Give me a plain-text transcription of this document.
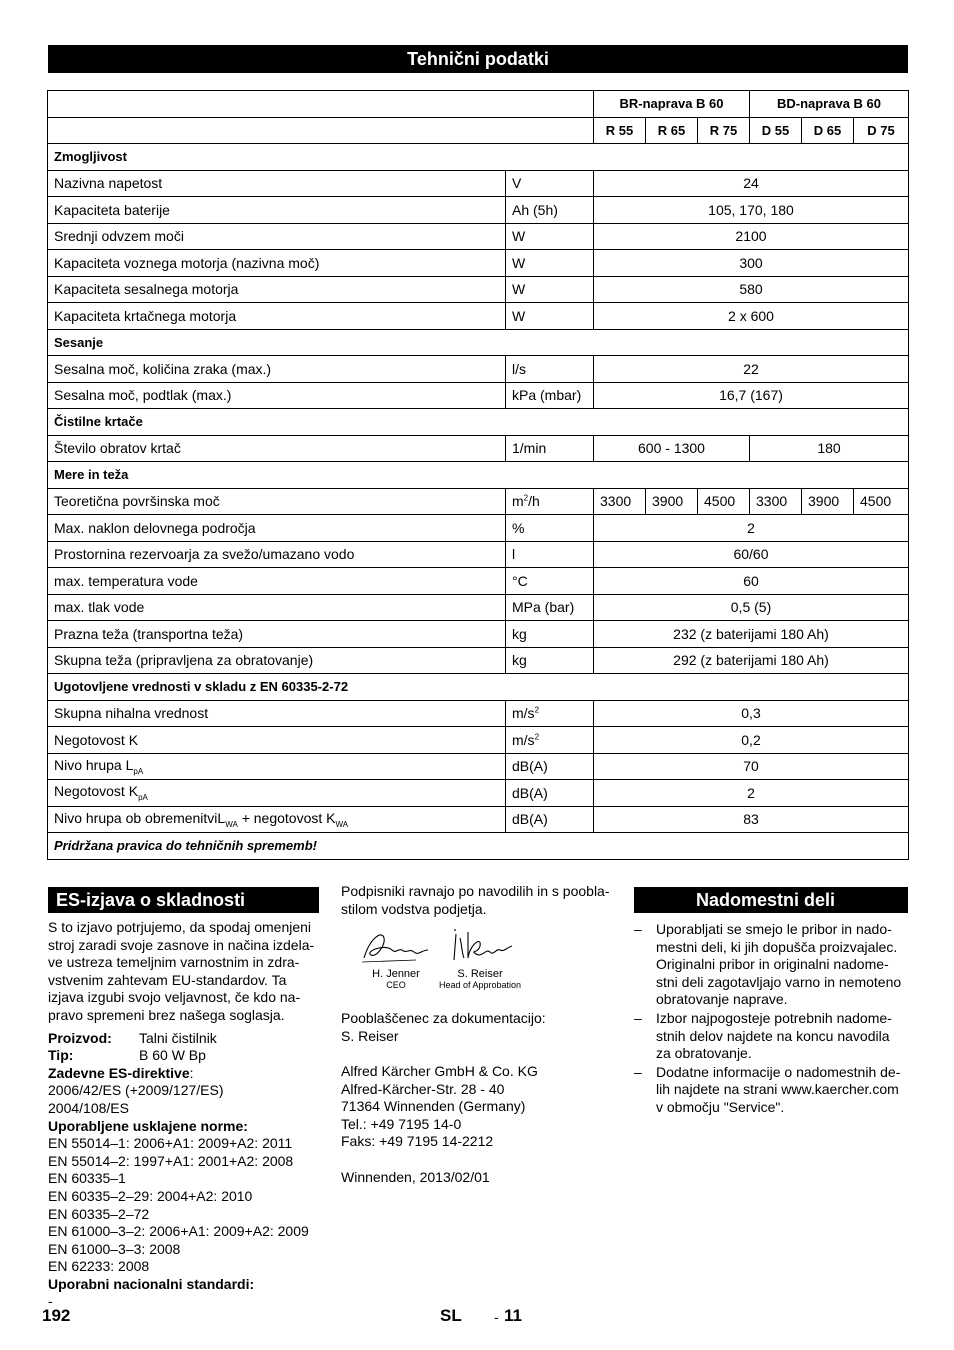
Tehnični podatki
		BR-naprava B 60			BD-naprava B 60		
		R 55	R 65	R 75	D 55	D 65	D 75
Zmogljivost							
Nazivna napetost	V	24					
Kapaciteta baterije	Ah (5h)	105, 170, 180					
Srednji odvzem moči	W	2100					
Kapaciteta voznega motorja (nazivna moč)	W	300					
Kapaciteta sesalnega motorja	W	580					
Kapaciteta krtačnega motorja	W	2 x 600					
Sesanje							
Sesalna moč, količina zraka (max.)	l/s	22					
Sesalna moč, podtlak (max.)	kPa (mbar)	16,7 (167)					
Čistilne krtače							
Število obratov krtač	1/min	600 - 1300			180		
Mere in teža							
Teoretična površinska moč	$m^2/h$	3300	3900	4500	3300	3900	4500
Max. naklon delovnega področja	%	2					
Prostornina rezervoarja za svežo/umazano vodo	l	60/60					
max. temperatura vode	°C	60					
max. tlak vode	MPa (bar)	0,5 (5)					
Prazna teža (transportna teža)	kg	232 (z baterijami 180 Ah)					
Skupna teža (pripravljena za obratovanje)	kg	292 (z baterijami 180 Ah)					
Ugotovljene vrednosti v skladu z EN 60335-2-72							
Skupna nihalna vrednost	$m/s^2$	0,3					
Negotovost K	$m/s^2$	0,2					
Nivo hrupa $L_{pA}$	dB(A)	70					
Negotovost $K_{pA}$	dB(A)	2					
Nivo hrupa ob obremenitviL$_{WA}$ + negotovost $K_{WA}$	dB(A)	83					
Pridržana pravica do tehničnih sprememb!							
ES-izjava o skladnosti

S to izjavo potrjujemo, da spodaj omenjeni

stroj zaradi svoje zasnove in načina izdela-

ve ustreza temeljnim varnostnim in zdra-

vstvenim zahtevam EU-standardov. Ta

izjava izgubi svojo veljavnost, če kdo na-

pravo spremeni brez našega soglasja.

Proizvod:	Talni čistilnik
Tip:	B 60 W Bp

Zadevne ES-direktive:

2006/42/ES (+2009/127/ES)

2004/108/ES

Uporabljene usklajene norme:

EN 55014–1: 2006+A1: 2009+A2: 2011

EN 55014–2: 1997+A1: 2001+A2: 2008

EN 60335–1

EN 60335–2–29: 2004+A2: 2010

EN 60335–2–72

EN 61000–3–2: 2006+A1: 2009+A2: 2009

EN 61000–3–3: 2008

EN 62233: 2008

Uporabni nacionalni standardi:

-

Podpisniki ravnajo po navodilih in s poobla-

stilom vodstva podjetja.

H. Jenner
CEO
S. Reiser
Head of Approbation

Pooblaščenec za dokumentacijo:

S. Reiser

Alfred Kärcher GmbH & Co. KG

Alfred-Kärcher-Str. 28 - 40

71364 Winnenden (Germany)

Tel.: +49 7195 14-0

Faks: +49 7195 14-2212

Winnenden, 2013/02/01

Nadomestni deli
–	Uporabljati se smejo le pribor in nado-

mestni deli, ki jih dopušča proizvajalec.

Originalni pribor in originalni nadome-

stni deli zagotavljajo varno in nemoteno

obratovanje naprave.

–	Izbor najpogosteje potrebnih nadome-

stnih delov najdete na koncu navodila

za obratovanje.

–	Dodatne informacije o nadomestnih de-

lih najdete na strani www.kaercher.com

v območju "Service".

192	SL - 11
